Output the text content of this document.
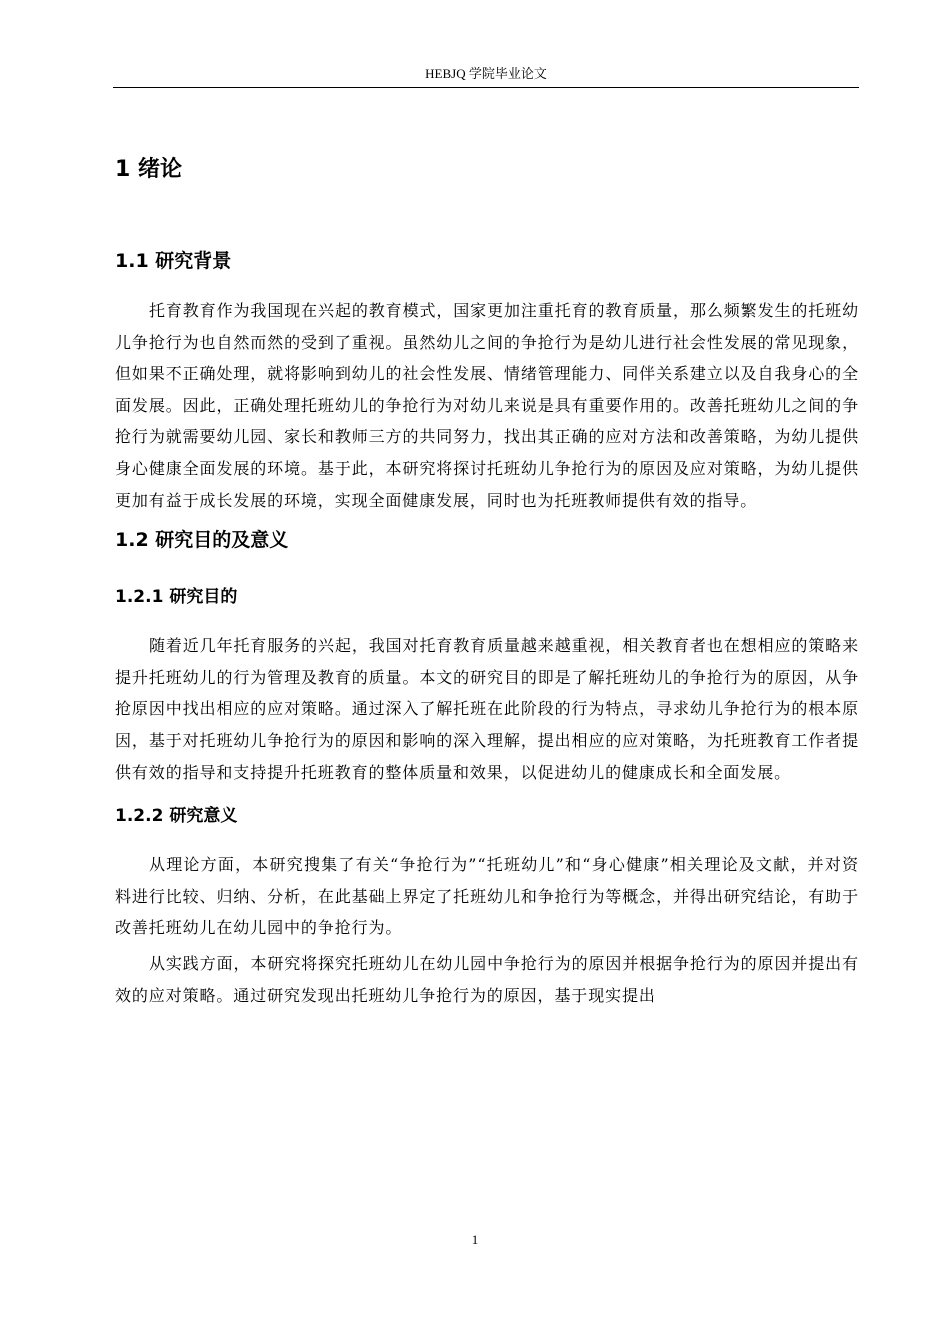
HEBJQ 学院毕业论文
1 绪论
1.1 研究背景

托育教育作为我国现在兴起的教育模式，国家更加注重托育的教育质量，那么频繁发生的托班幼儿争抢行为也自然而然的受到了重视。虽然幼儿之间的争抢行为是幼儿进行社会性发展的常见现象，但如果不正确处理，就将影响到幼儿的社会性发展、情绪管理能力、同伴关系建立以及自我身心的全面发展。因此，正确处理托班幼儿的争抢行为对幼儿来说是具有重要作用的。改善托班幼儿之间的争抢行为就需要幼儿园、家长和教师三方的共同努力，找出其正确的应对方法和改善策略，为幼儿提供身心健康全面发展的环境。基于此，本研究将探讨托班幼儿争抢行为的原因及应对策略，为幼儿提供更加有益于成长发展的环境，实现全面健康发展，同时也为托班教师提供有效的指导。

1.2 研究目的及意义
1.2.1 研究目的

随着近几年托育服务的兴起，我国对托育教育质量越来越重视，相关教育者也在想相应的策略来提升托班幼儿的行为管理及教育的质量。本文的研究目的即是了解托班幼儿的争抢行为的原因，从争抢原因中找出相应的应对策略。通过深入了解托班在此阶段的行为特点，寻求幼儿争抢行为的根本原因，基于对托班幼儿争抢行为的原因和影响的深入理解，提出相应的应对策略，为托班教育工作者提供有效的指导和支持提升托班教育的整体质量和效果，以促进幼儿的健康成长和全面发展。

1.2.2 研究意义

从理论方面，本研究搜集了有关“争抢行为”“托班幼儿”和“身心健康”相关理论及文献，并对资料进行比较、归纳、分析，在此基础上界定了托班幼儿和争抢行为等概念，并得出研究结论，有助于改善托班幼儿在幼儿园中的争抢行为。

从实践方面，本研究将探究托班幼儿在幼儿园中争抢行为的原因并根据争抢行为的原因并提出有效的应对策略。通过研究发现出托班幼儿争抢行为的原因，基于现实提出

1
